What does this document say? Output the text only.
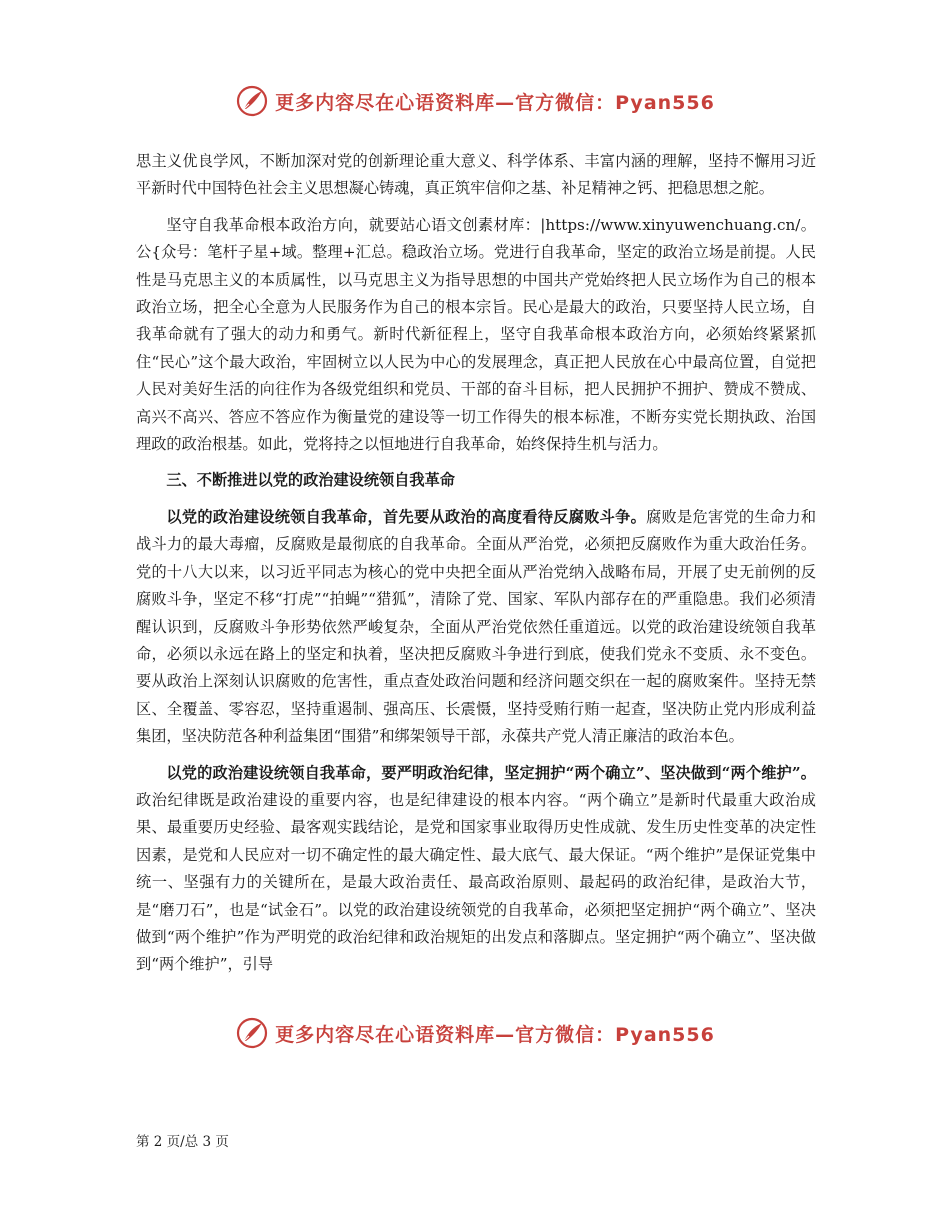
更多内容尽在心语资料库—官方微信：Pyan556

思主义优良学风，不断加深对党的创新理论重大意义、科学体系、丰富内涵的理解，坚持不懈用习近平新时代中国特色社会主义思想凝心铸魂，真正筑牢信仰之基、补足精神之钙、把稳思想之舵。

坚守自我革命根本政治方向，就要站心语文创素材库：|https://www.xinyuwenchuang.cn/。公{众号：笔杆子星+域。整理+汇总。稳政治立场。党进行自我革命，坚定的政治立场是前提。人民性是马克思主义的本质属性，以马克思主义为指导思想的中国共产党始终把人民立场作为自己的根本政治立场，把全心全意为人民服务作为自己的根本宗旨。民心是最大的政治，只要坚持人民立场，自我革命就有了强大的动力和勇气。新时代新征程上，坚守自我革命根本政治方向，必须始终紧紧抓住“民心”这个最大政治，牢固树立以人民为中心的发展理念，真正把人民放在心中最高位置，自觉把人民对美好生活的向往作为各级党组织和党员、干部的奋斗目标，把人民拥护不拥护、赞成不赞成、高兴不高兴、答应不答应作为衡量党的建设等一切工作得失的根本标准，不断夯实党长期执政、治国理政的政治根基。如此，党将持之以恒地进行自我革命，始终保持生机与活力。

三、不断推进以党的政治建设统领自我革命

以党的政治建设统领自我革命，首先要从政治的高度看待反腐败斗争。腐败是危害党的生命力和战斗力的最大毒瘤，反腐败是最彻底的自我革命。全面从严治党，必须把反腐败作为重大政治任务。党的十八大以来，以习近平同志为核心的党中央把全面从严治党纳入战略布局，开展了史无前例的反腐败斗争，坚定不移“打虎”“拍蝇”“猎狐”，清除了党、国家、军队内部存在的严重隐患。我们必须清醒认识到，反腐败斗争形势依然严峻复杂，全面从严治党依然任重道远。以党的政治建设统领自我革命，必须以永远在路上的坚定和执着，坚决把反腐败斗争进行到底，使我们党永不变质、永不变色。要从政治上深刻认识腐败的危害性，重点查处政治问题和经济问题交织在一起的腐败案件。坚持无禁区、全覆盖、零容忍，坚持重遏制、强高压、长震慑，坚持受贿行贿一起查，坚决防止党内形成利益集团，坚决防范各种利益集团“围猎”和绑架领导干部，永葆共产党人清正廉洁的政治本色。

以党的政治建设统领自我革命，要严明政治纪律，坚定拥护“两个确立”、坚决做到“两个维护”。政治纪律既是政治建设的重要内容，也是纪律建设的根本内容。“两个确立”是新时代最重大政治成果、最重要历史经验、最客观实践结论，是党和国家事业取得历史性成就、发生历史性变革的决定性因素，是党和人民应对一切不确定性的最大确定性、最大底气、最大保证。“两个维护”是保证党集中统一、坚强有力的关键所在，是最大政治责任、最高政治原则、最起码的政治纪律，是政治大节，是“磨刀石”，也是“试金石”。以党的政治建设统领党的自我革命，必须把坚定拥护“两个确立”、坚决做到“两个维护”作为严明党的政治纪律和政治规矩的出发点和落脚点。坚定拥护“两个确立”、坚决做到“两个维护”，引导

更多内容尽在心语资料库—官方微信：Pyan556
第 2 页/总 3 页
